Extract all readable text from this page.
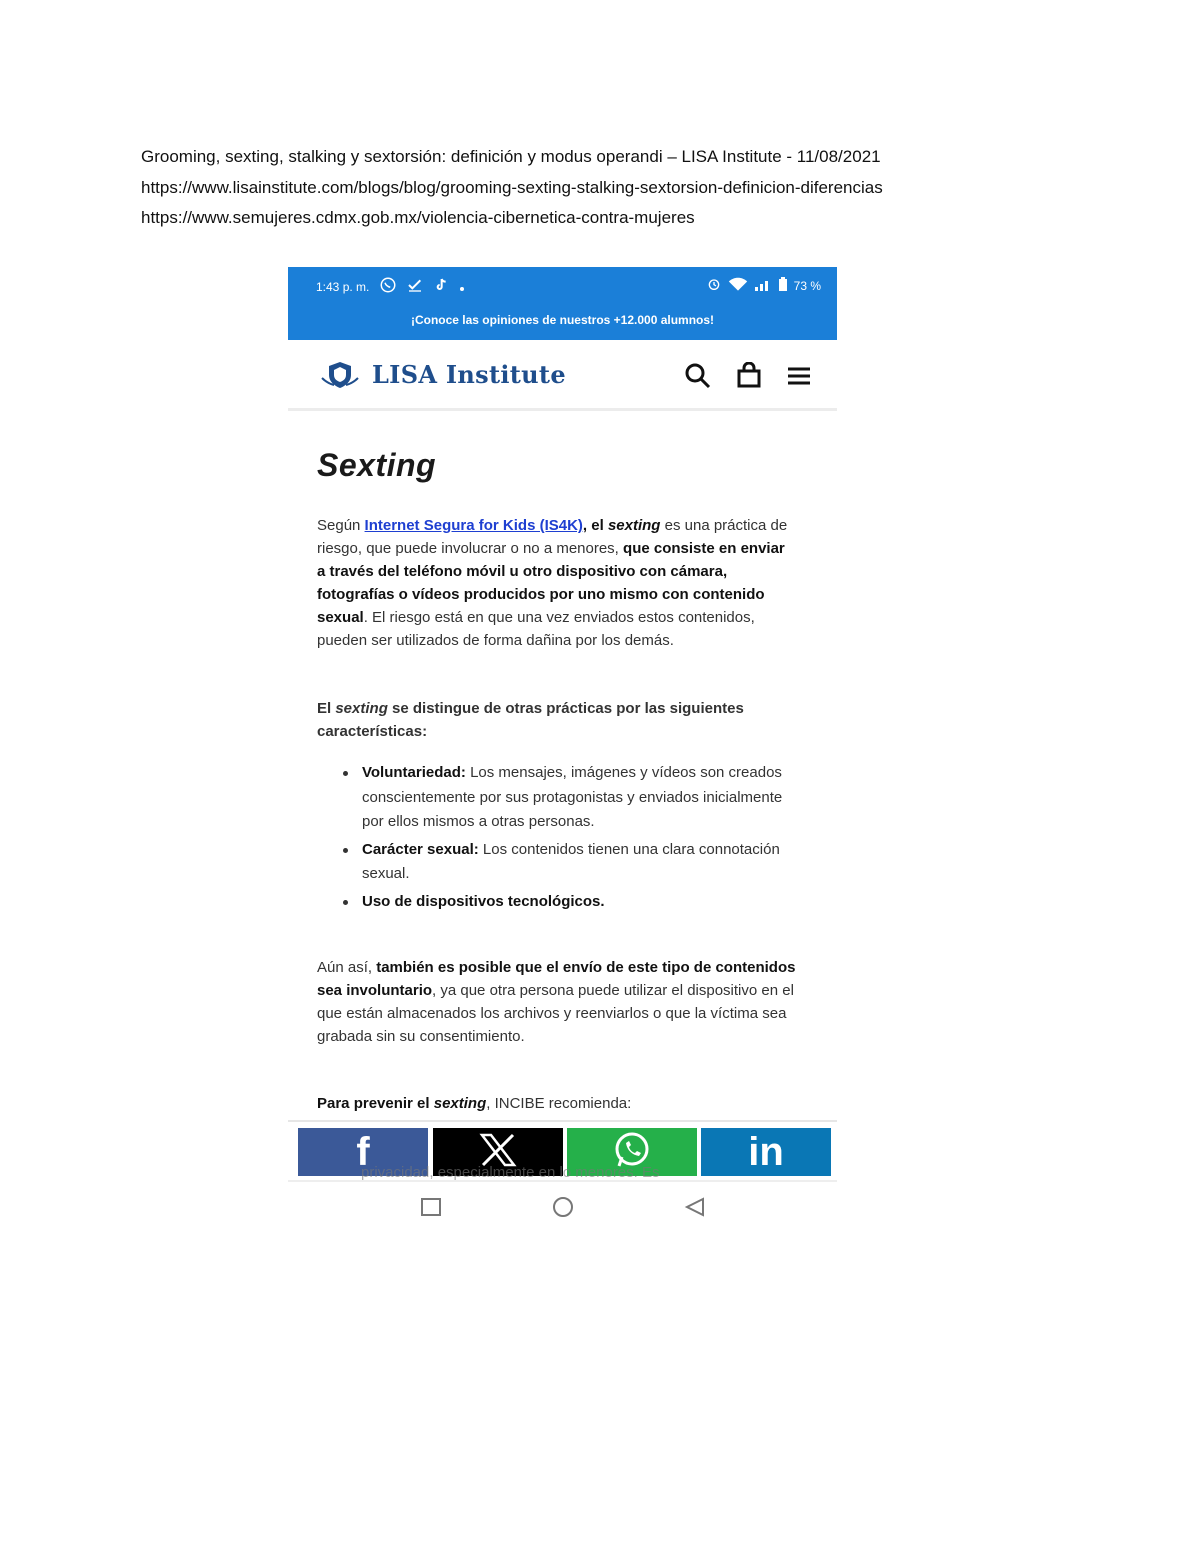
Grooming, sexting, stalking y sextorsión: definición y modus operandi – LISA Institute - 11/08/2021
https://www.lisainstitute.com/blogs/blog/grooming-sexting-stalking-sextorsion-definicion-diferencias
https://www.semujeres.cdmx.gob.mx/violencia-cibernetica-contra-mujeres
1:43 p. m.	73 %
¡Conoce las opiniones de nuestros +12.000 alumnos!
LISA Institute
Sexting

Según Internet Segura for Kids (IS4K), el sexting es una práctica de riesgo, que puede involucrar o no a menores, que consiste en enviar a través del teléfono móvil u otro dispositivo con cámara, fotografías o vídeos producidos por uno mismo con contenido sexual. El riesgo está en que una vez enviados estos contenidos, pueden ser utilizados de forma dañina por los demás.

El sexting se distingue de otras prácticas por las siguientes características:

Voluntariedad: Los mensajes, imágenes y vídeos son creados conscientemente por sus protagonistas y enviados inicialmente por ellos mismos a otras personas.
Carácter sexual: Los contenidos tienen una clara connotación sexual.
Uso de dispositivos tecnológicos.

Aún así, también es posible que el envío de este tipo de contenidos sea involuntario, ya que otra persona puede utilizar el dispositivo en el que están almacenados los archivos y reenviarlos o que la víctima sea grabada sin su consentimiento.

Para prevenir el sexting, INCIBE recomienda:

f	in
privacidad, especialmente en lo menores. Es
